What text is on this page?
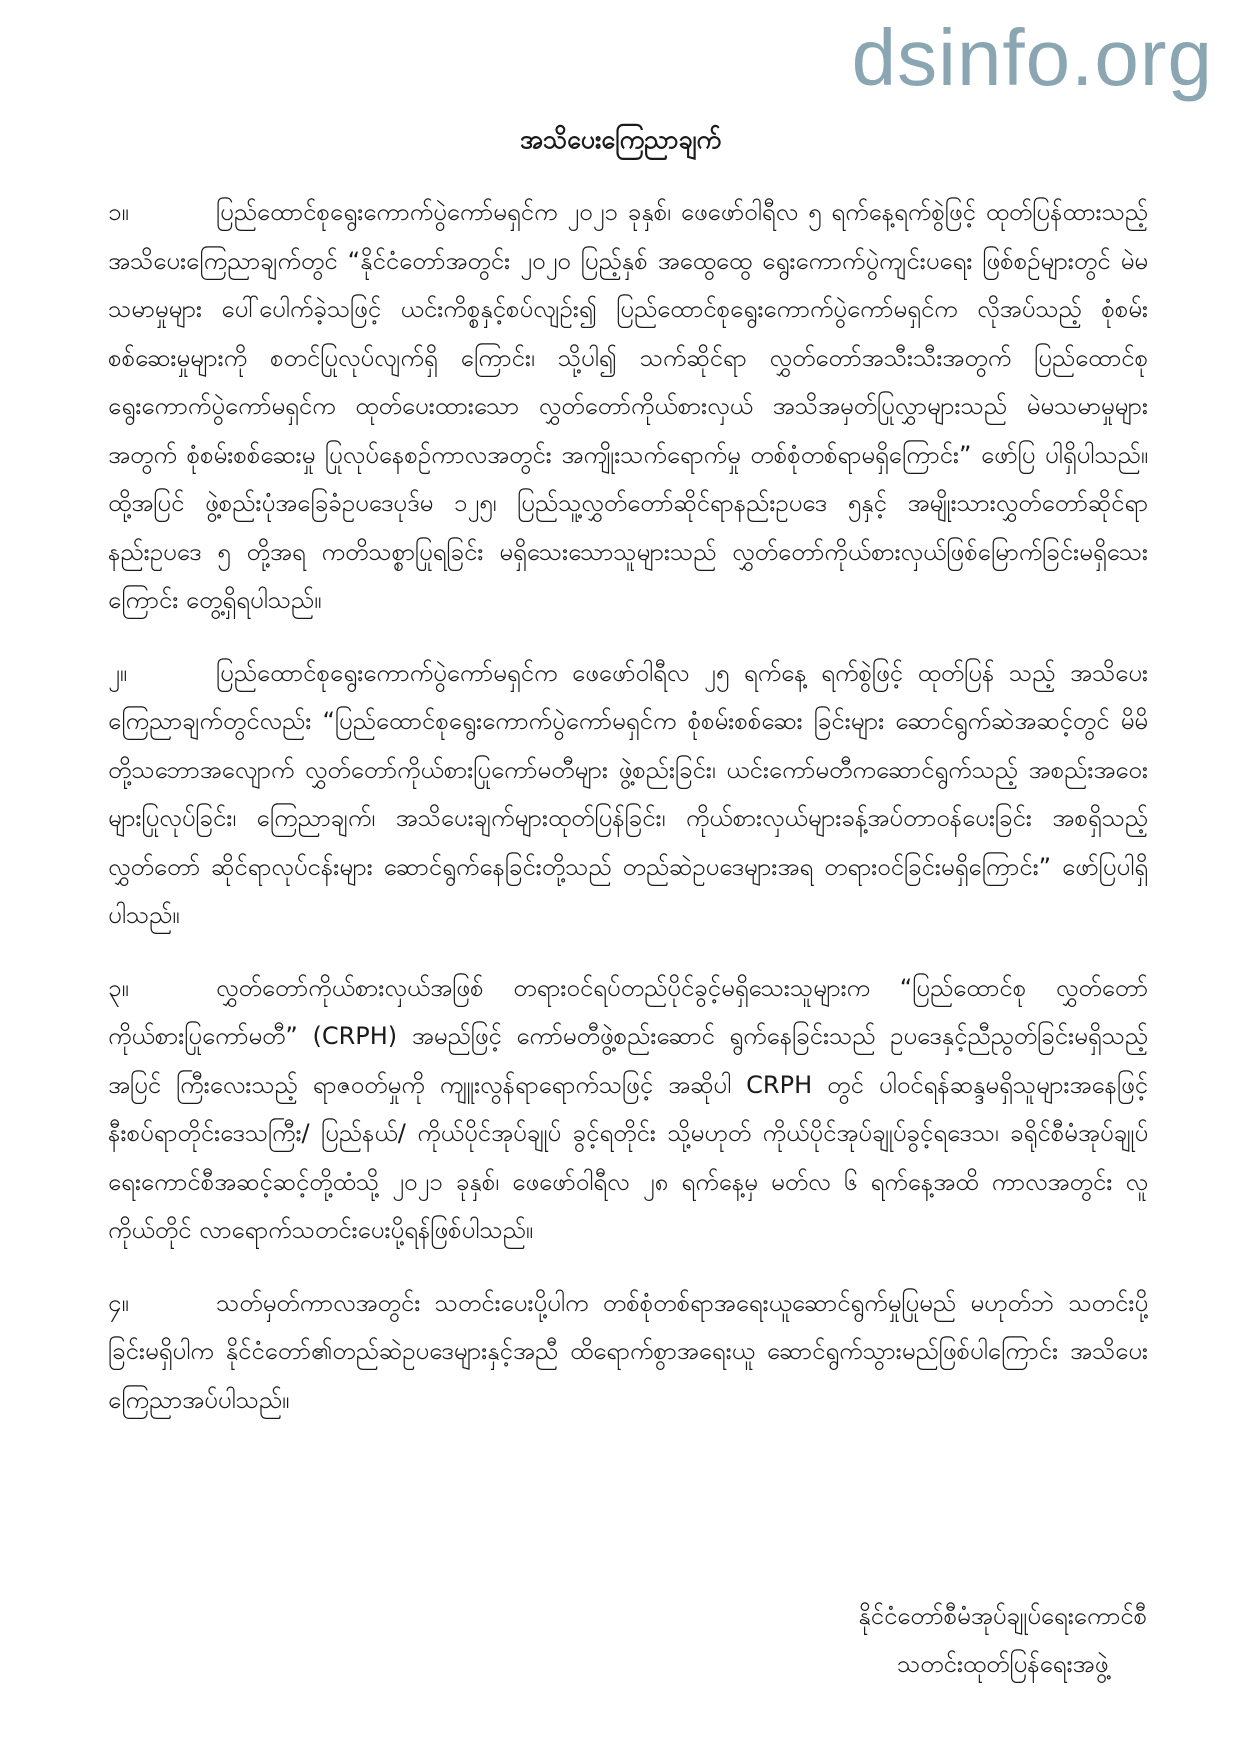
dsinfo.org
အသိပေးကြေညာချက်
၁။	ပြည်ထောင်စုရွေးကောက်ပွဲကော်မရှင်က ၂၀၂၁ ခုနှစ်၊ ဖေဖော်ဝါရီလ ၅ ရက်နေ့ရက်စွဲဖြင့် ထုတ်ပြန်ထားသည့် အသိပေးကြေညာချက်တွင် “နိုင်ငံတော်အတွင်း ၂၀၂၀ ပြည့်နှစ် အထွေထွေ ရွေးကောက်ပွဲကျင်းပရေး ဖြစ်စဉ်များတွင် မဲမသမာမှုများ ပေါ်ပေါက်ခဲ့သဖြင့် ယင်းကိစ္စနှင့်စပ်လျဉ်း၍ ပြည်ထောင်စုရွေးကောက်ပွဲကော်မရှင်က လိုအပ်သည့် စုံစမ်းစစ်ဆေးမှုများကို စတင်ပြုလုပ်လျက်ရှိ ကြောင်း၊ သို့ပါ၍ သက်ဆိုင်ရာ လွှတ်တော်အသီးသီးအတွက် ပြည်ထောင်စုရွေးကောက်ပွဲကော်မရှင်က ထုတ်ပေးထားသော လွှတ်တော်ကိုယ်စားလှယ် အသိအမှတ်ပြုလွှာများသည် မဲမသမာမှုများအတွက် စုံစမ်းစစ်ဆေးမှု ပြုလုပ်နေစဉ်ကာလအတွင်း အကျိုးသက်ရောက်မှု တစ်စုံတစ်ရာမရှိကြောင်း” ဖော်ပြ ပါရှိပါသည်။ ထို့အပြင် ဖွဲ့စည်းပုံအခြေခံဥပဒေပုဒ်မ ၁၂၅၊ ပြည်သူ့လွှတ်တော်ဆိုင်ရာနည်းဥပဒေ ၅နှင့် အမျိုးသားလွှတ်တော်ဆိုင်ရာနည်းဥပဒေ ၅ တို့အရ ကတိသစ္စာပြုရခြင်း မရှိသေးသောသူများသည် လွှတ်တော်ကိုယ်စားလှယ်ဖြစ်မြောက်ခြင်းမရှိသေးကြောင်း တွေ့ရှိရပါသည်။
၂။	ပြည်ထောင်စုရွေးကောက်ပွဲကော်မရှင်က ဖေဖော်ဝါရီလ ၂၅ ရက်နေ့ ရက်စွဲဖြင့် ထုတ်ပြန် သည့် အသိပေးကြေညာချက်တွင်လည်း “ပြည်ထောင်စုရွေးကောက်ပွဲကော်မရှင်က စုံစမ်းစစ်ဆေး ခြင်းများ ဆောင်ရွက်ဆဲအဆင့်တွင် မိမိတို့သဘောအလျောက် လွှတ်တော်ကိုယ်စားပြုကော်မတီများ ဖွဲ့စည်းခြင်း၊ ယင်းကော်မတီကဆောင်ရွက်သည့် အစည်းအဝေးများပြုလုပ်ခြင်း၊ ကြေညာချက်၊ အသိပေးချက်များထုတ်ပြန်ခြင်း၊ ကိုယ်စားလှယ်များခန့်အပ်တာဝန်ပေးခြင်း အစရှိသည့် လွှတ်တော် ဆိုင်ရာလုပ်ငန်းများ ဆောင်ရွက်နေခြင်းတို့သည် တည်ဆဲဥပဒေများအရ တရားဝင်ခြင်းမရှိကြောင်း” ဖော်ပြပါရှိပါသည်။
၃။	လွှတ်တော်ကိုယ်စားလှယ်အဖြစ် တရားဝင်ရပ်တည်ပိုင်ခွင့်မရှိသေးသူများက “ပြည်ထောင်စု လွှတ်တော်ကိုယ်စားပြုကော်မတီ” (CRPH) အမည်ဖြင့် ကော်မတီဖွဲ့စည်းဆောင် ရွက်နေခြင်းသည် ဥပဒေနှင့်ညီညွတ်ခြင်းမရှိသည့်အပြင် ကြီးလေးသည့် ရာဇဝတ်မှုကို ကျူးလွန်ရာရောက်သဖြင့် အဆိုပါ CRPH တွင် ပါဝင်ရန်ဆန္ဒမရှိသူများအနေဖြင့် နီးစပ်ရာတိုင်းဒေသကြီး/ ပြည်နယ်/ ကိုယ်ပိုင်အုပ်ချုပ် ခွင့်ရတိုင်း သို့မဟုတ် ကိုယ်ပိုင်အုပ်ချုပ်ခွင့်ရဒေသ၊ ခရိုင်စီမံအုပ်ချုပ်ရေးကောင်စီအဆင့်ဆင့်တို့ထံသို့ ၂၀၂၁ ခုနှစ်၊ ဖေဖော်ဝါရီလ ၂၈ ရက်နေ့မှ မတ်လ ၆ ရက်နေ့အထိ ကာလအတွင်း လူကိုယ်တိုင် လာရောက်သတင်းပေးပို့ရန်ဖြစ်ပါသည်။
၄။	သတ်မှတ်ကာလအတွင်း သတင်းပေးပို့ပါက တစ်စုံတစ်ရာအရေးယူဆောင်ရွက်မှုပြုမည် မဟုတ်ဘဲ သတင်းပို့ခြင်းမရှိပါက နိုင်ငံတော်၏တည်ဆဲဥပဒေများနှင့်အညီ ထိရောက်စွာအရေးယူ ဆောင်ရွက်သွားမည်ဖြစ်ပါကြောင်း အသိပေးကြေညာအပ်ပါသည်။
နိုင်ငံတော်စီမံအုပ်ချုပ်ရေးကောင်စီ
သတင်းထုတ်ပြန်ရေးအဖွဲ့
